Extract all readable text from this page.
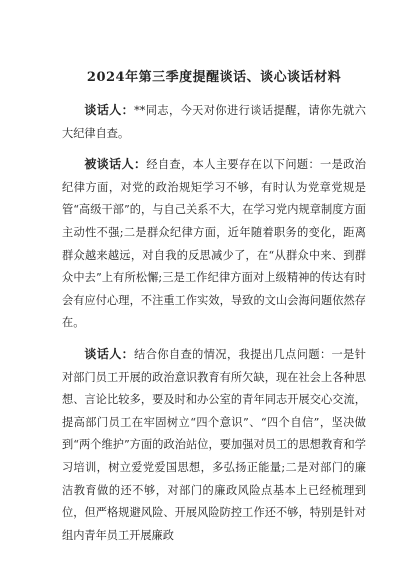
2024年第三季度提醒谈话、谈心谈话材料

谈话人：**同志，今天对你进行谈话提醒，请你先就六大纪律自查。

被谈话人：经自查，本人主要存在以下问题：一是政治纪律方面，对党的政治规矩学习不够，有时认为党章党规是管“高级干部”的，与自己关系不大，在学习党内规章制度方面主动性不强;二是群众纪律方面，近年随着职务的变化，距离群众越来越远，对自我的反思减少了，在“从群众中来、到群众中去”上有所松懈;三是工作纪律方面对上级精神的传达有时会有应付心理，不注重工作实效，导致的文山会海问题依然存在。

谈话人：结合你自查的情况，我提出几点问题：一是针对部门员工开展的政治意识教育有所欠缺，现在社会上各种思想、言论比较多，要及时和办公室的青年同志开展交心交流，提高部门员工在牢固树立“四个意识”、“四个自信”，坚决做到“两个维护”方面的政治站位，要加强对员工的思想教育和学习培训，树立爱党爱国思想，多弘扬正能量;二是对部门的廉洁教育做的还不够，对部门的廉政风险点基本上已经梳理到位，但严格规避风险、开展风险防控工作还不够，特别是针对组内青年员工开展廉政
